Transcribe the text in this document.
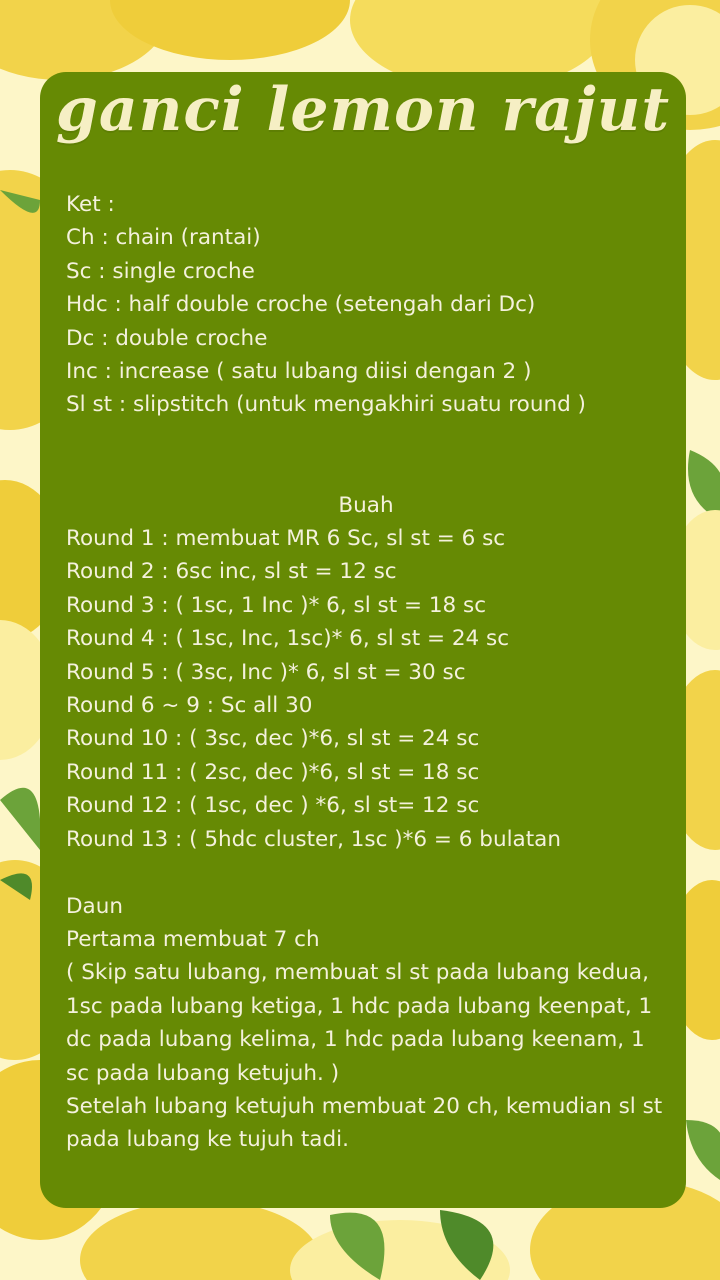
ganci lemon rajut
Ket :
Ch : chain (rantai)
Sc : single croche
Hdc : half double croche (setengah dari Dc)
Dc : double croche
Inc : increase ( satu lubang diisi dengan 2 )
Sl st : slipstitch (untuk mengakhiri suatu round )
Buah
Round 1 : membuat MR 6 Sc, sl st = 6 sc
Round 2 : 6sc inc, sl st = 12 sc
Round 3 : ( 1sc, 1 Inc )* 6, sl st = 18 sc
Round 4 : ( 1sc, Inc, 1sc)* 6, sl st = 24 sc
Round 5 : ( 3sc, Inc )* 6, sl st = 30 sc
Round 6 ~ 9 : Sc all 30
Round 10 : ( 3sc, dec )*6, sl st = 24 sc
Round 11 : ( 2sc, dec )*6, sl st = 18 sc
Round 12 : ( 1sc, dec ) *6, sl st= 12 sc
Round 13 : ( 5hdc cluster, 1sc )*6 = 6 bulatan
Daun
Pertama membuat 7 ch
( Skip satu lubang, membuat sl st pada lubang kedua, 1sc pada lubang ketiga, 1 hdc pada lubang keenpat, 1 dc pada lubang kelima, 1 hdc pada lubang keenam, 1 sc pada lubang ketujuh. )
Setelah lubang ketujuh membuat 20 ch, kemudian sl st pada lubang ke tujuh tadi.
